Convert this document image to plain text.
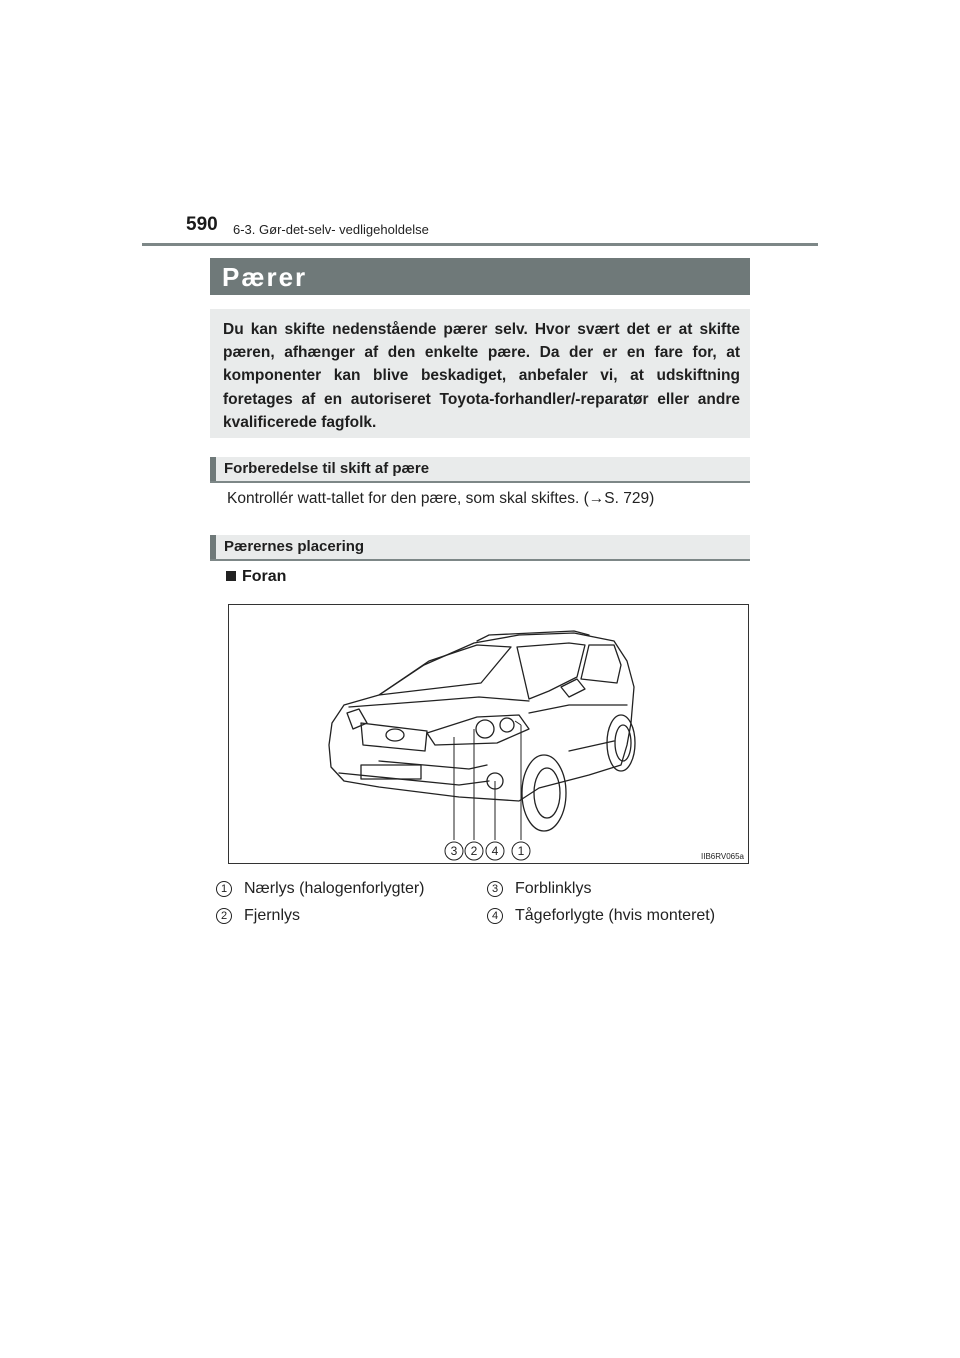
590 6-3. Gør-det-selv- vedligeholdelse
Pærer

Du kan skifte nedenstående pærer selv. Hvor svært det er at skifte pæren, afhænger af den enkelte pære. Da der er en fare for, at komponenter kan blive beskadiget, anbefaler vi, at udskiftning foretages af en autoriseret Toyota-forhandler/-reparatør eller andre kvalificerede fagfolk.

Forberedelse til skift af pære
Kontrollér watt-tallet for den pære, som skal skiftes. (→S. 729)
Pærernes placering
Foran
3 2 4 1	IIB6RV065a
1 Nærlys (halogenforlygter)
2 Fjernlys
3 Forblinklys
4 Tågeforlygte (hvis monteret)
